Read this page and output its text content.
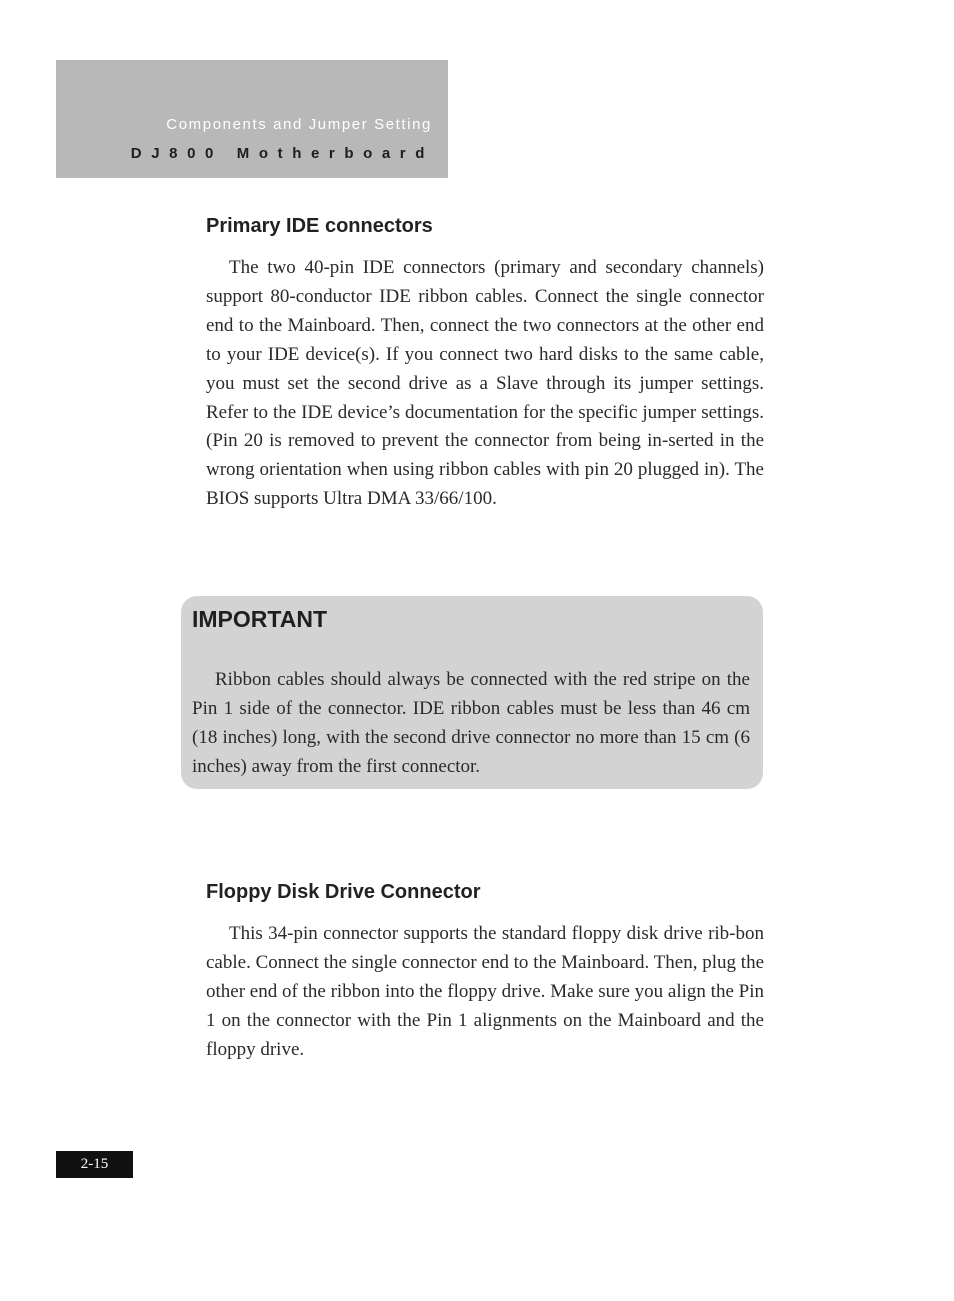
Components and Jumper Setting
DJ800 Motherboard
Primary IDE connectors

The two 40-pin IDE connectors (primary and secondary channels) support 80-conductor IDE ribbon cables. Connect the single connector end to the Mainboard. Then, connect the two connectors at the other end to your IDE device(s). If you connect two hard disks to the same cable, you must set the second drive as a Slave through its jumper settings. Refer to the IDE device’s documentation for the specific jumper settings. (Pin 20 is removed to prevent the connector from being in-serted in the wrong orientation when using ribbon cables with pin 20 plugged in). The BIOS supports Ultra DMA 33/66/100.

IMPORTANT

Ribbon cables should always be connected with the red stripe on the Pin 1 side of the connector. IDE ribbon cables must be less than 46 cm (18 inches) long, with the second drive connector no more than 15 cm (6 inches) away from the first connector.

Floppy Disk Drive Connector

This 34-pin connector supports the standard floppy disk drive rib-bon cable. Connect the single connector end to the Mainboard. Then, plug the other end of the ribbon into the floppy drive. Make sure you align the Pin 1 on the connector with the Pin 1 alignments on the Mainboard and the floppy drive.

2-15
